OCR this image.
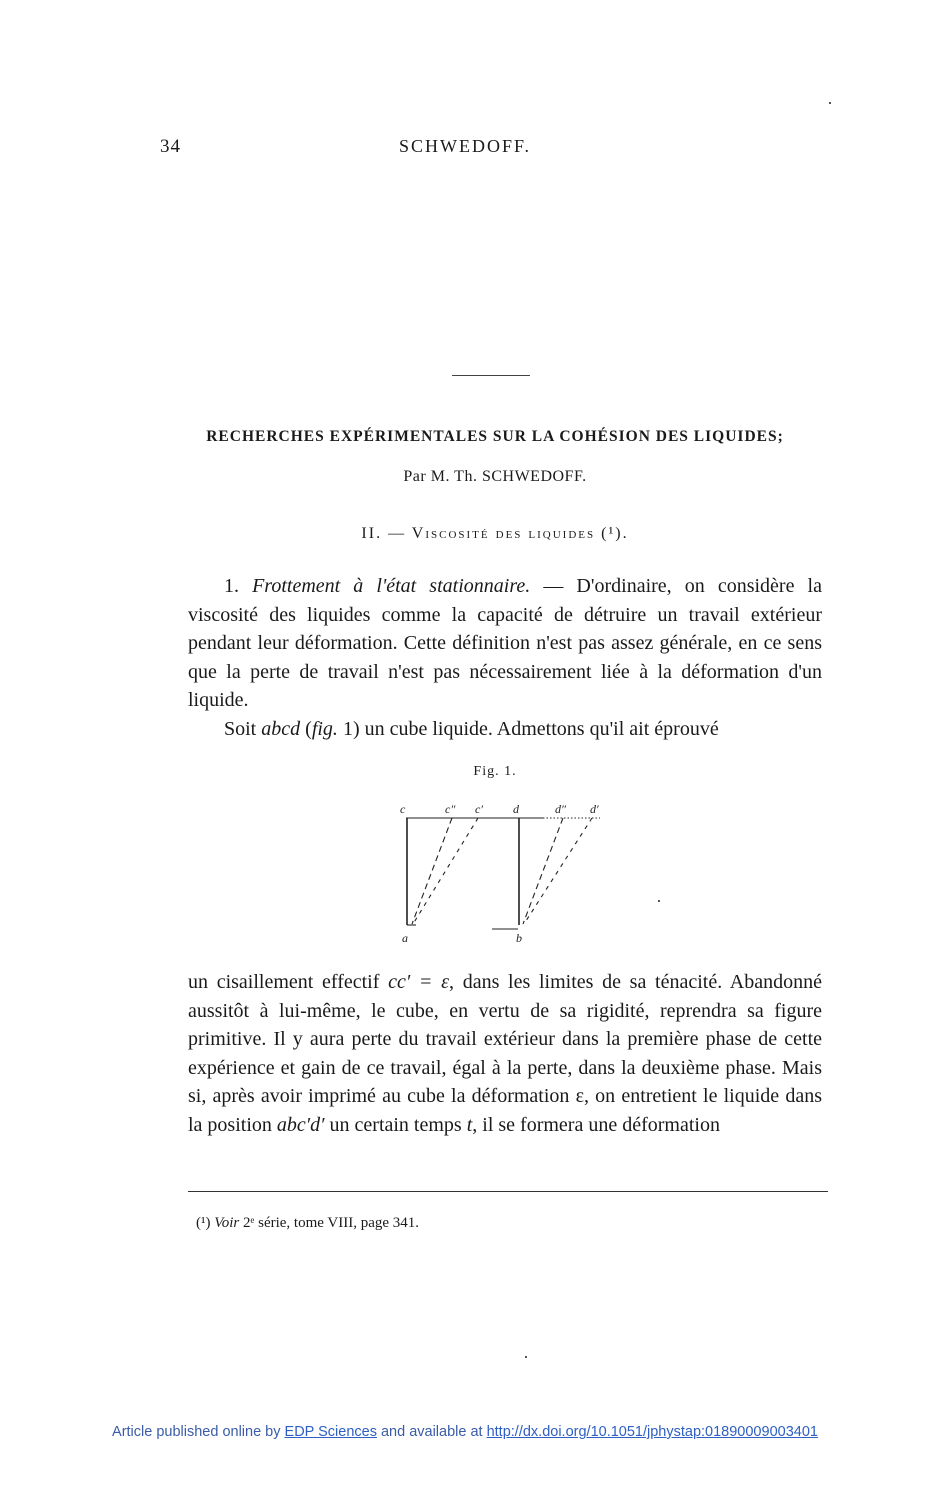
34	SCHWEDOFF.
RECHERCHES EXPÉRIMENTALES SUR LA COHÉSION DES LIQUIDES;
Par M. Th. SCHWEDOFF.
II. — Viscosité des liquides (¹).

1. Frottement à l'état stationnaire. — D'ordinaire, on considère la viscosité des liquides comme la capacité de détruire un travail extérieur pendant leur déformation. Cette définition n'est pas assez générale, en ce sens que la perte de travail n'est pas nécessairement liée à la déformation d'un liquide.

Soit abcd (fig. 1) un cube liquide. Admettons qu'il ait éprouvé

Fig. 1.
c	c″ c′	d	d″ d′
a	b

un cisaillement effectif cc′ = ε, dans les limites de sa ténacité. Abandonné aussitôt à lui-même, le cube, en vertu de sa rigidité, reprendra sa figure primitive. Il y aura perte du travail extérieur dans la première phase de cette expérience et gain de ce travail, égal à la perte, dans la deuxième phase. Mais si, après avoir imprimé au cube la déformation ε, on entretient le liquide dans la position abc′d′ un certain temps t, il se formera une déformation

(¹) Voir 2ᵉ série, tome VIII, page 341.
Article published online by EDP Sciences and available at http://dx.doi.org/10.1051/jphystap:01890009003401
